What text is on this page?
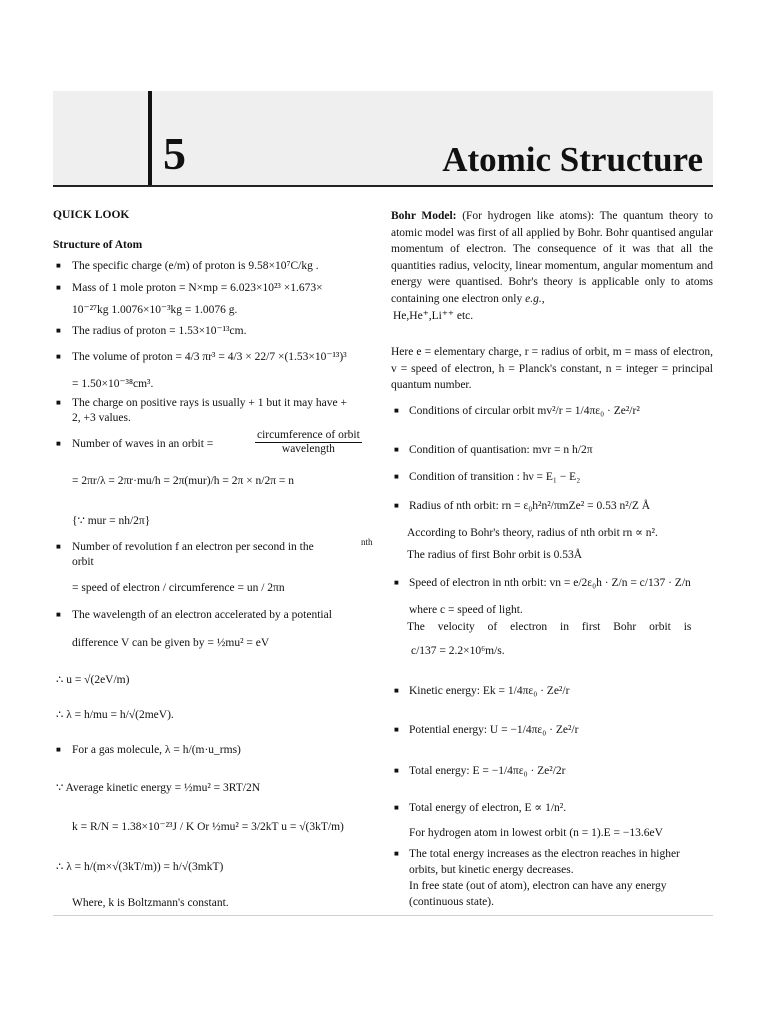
5	Atomic Structure
QUICK LOOK
Structure of Atom
■ The specific charge (e/m) of proton is 9.58×10⁷C/kg .
■ Mass of 1 mole proton = N×mp = 6.023×10²³ ×1.673×
10⁻²⁷kg 1.0076×10⁻³kg = 1.0076 g.
■ The radius of proton = 1.53×10⁻¹³cm.
■ The volume of proton = 4/3 πr³ = 4/3 × 22/7 ×(1.53×10⁻¹³)³
= 1.50×10⁻³⁸cm³.
■ The charge on positive rays is usually + 1 but it may have +
2, +3 values.
■ Number of waves in an orbit =
circumference of orbit
wavelength
= 2πr/λ = 2πr·mu/h = 2π(mur)/h = 2π × n/2π = n
{∵ mur = nh/2π}
■ Number of revolution f an electron per second in the	nth
orbit
= speed of electron / circumference = un / 2πn
■ The wavelength of an electron accelerated by a potential
difference V can be given by = ½mu² = eV
∴ u = √(2eV/m)
∴ λ = h/mu = h/√(2meV).
■ For a gas molecule, λ = h/(m·u_rms)
∵ Average kinetic energy = ½mu² = 3RT/2N
k = R/N = 1.38×10⁻²³J / K Or ½mu² = 3/2kT u = √(3kT/m)
∴ λ = h/(m×√(3kT/m)) = h/√(3mkT)
Where, k is Boltzmann's constant.
Bohr Model: (For hydrogen like atoms): The quantum theory to atomic model was first of all applied by Bohr. Bohr quantised angular momentum of electron. The consequence of it was that all the quantities radius, velocity, linear momentum, angular momentum and energy were quantised. Bohr's theory is applicable only to atoms containing one electron only e.g.,
He,He⁺,Li⁺⁺ etc.
Here e = elementary charge, r = radius of orbit, m = mass of electron, v = speed of electron, h = Planck's constant, n = integer = principal quantum number.
■ Conditions of circular orbit mv²/r = 1/4πε₀ · Ze²/r²
■ Condition of quantisation: mvr = n h/2π
■ Condition of transition : hν = E₁ − E₂
■ Radius of nth orbit: rn = ε₀h²n²/πmZe² = 0.53 n²/Z Å
According to Bohr's theory, radius of nth orbit rn ∝ n².
The radius of first Bohr orbit is 0.53Å
■ Speed of electron in nth orbit: vn = e/2ε₀h · Z/n = c/137 · Z/n
where c = speed of light.
The velocity of electron in first Bohr orbit is
c/137 = 2.2×10⁶m/s.
■ Kinetic energy: Ek = 1/4πε₀ · Ze²/r
■ Potential energy: U = −1/4πε₀ · Ze²/r
■ Total energy: E = −1/4πε₀ · Ze²/2r
■ Total energy of electron, E ∝ 1/n².
For hydrogen atom in lowest orbit (n = 1).E = −13.6eV
■ The total energy increases as the electron reaches in higher
orbits, but kinetic energy decreases.
In free state (out of atom), electron can have any energy
(continuous state).
